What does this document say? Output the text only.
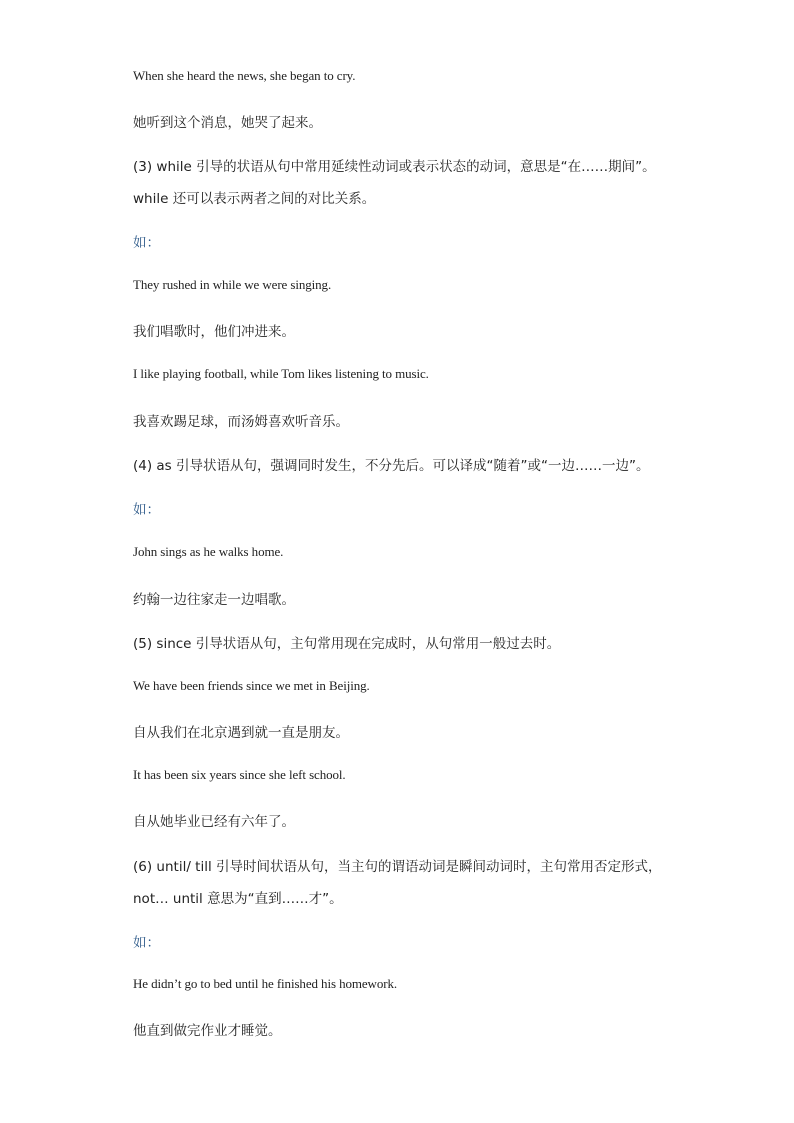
When she heard the news, she began to cry.

她听到这个消息，她哭了起来。

(3) while 引导的状语从句中常用延续性动词或表示状态的动词，意思是“在……期间”。

while 还可以表示两者之间的对比关系。

如：

They rushed in while we were singing.

我们唱歌时，他们冲进来。

I like playing football, while Tom likes listening to music.

我喜欢踢足球，而汤姆喜欢听音乐。

(4) as 引导状语从句，强调同时发生，不分先后。可以译成“随着”或“一边……一边”。

如：

John sings as he walks home.

约翰一边往家走一边唱歌。

(5) since 引导状语从句，主句常用现在完成时，从句常用一般过去时。

We have been friends since we met in Beijing.

自从我们在北京遇到就一直是朋友。

It has been six years since she left school.

自从她毕业已经有六年了。

(6) until/ till 引导时间状语从句，当主句的谓语动词是瞬间动词时，主句常用否定形式，

not… until 意思为“直到……才”。

如：

He didn’t go to bed until he finished his homework.

他直到做完作业才睡觉。
